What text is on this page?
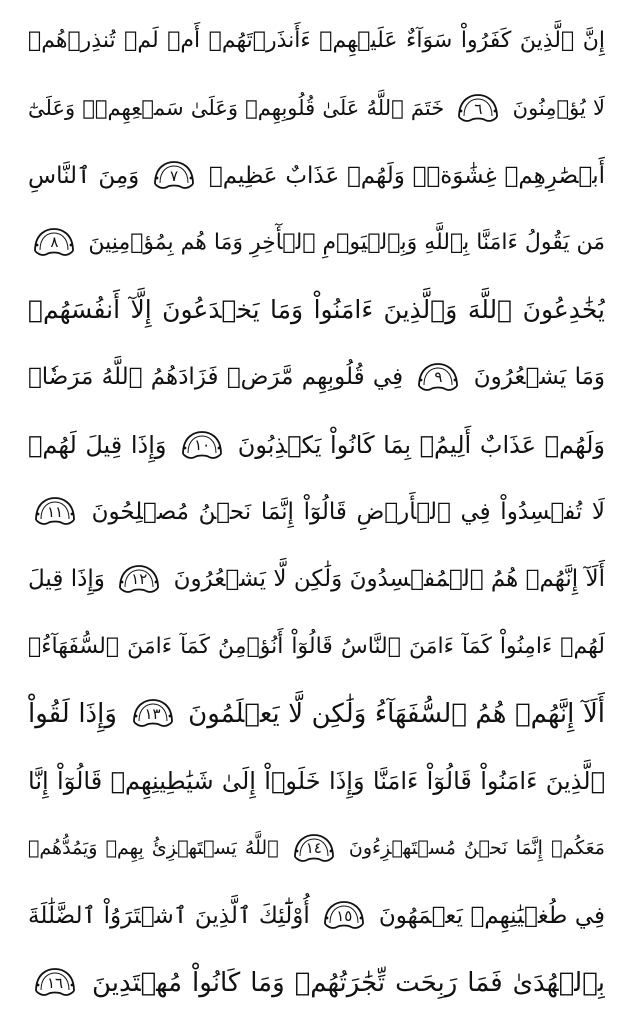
إِنَّ ٱلَّذِينَ كَفَرُواْ سَوَآءٌ عَلَيۡهِمۡ ءَأَنذَرۡتَهُمۡ أَمۡ لَمۡ تُنذِرۡهُمۡ
لَا يُؤۡمِنُونَ
٦
خَتَمَ ٱللَّهُ عَلَىٰ قُلُوبِهِمۡ وَعَلَىٰ سَمۡعِهِمۡۖ وَعَلَىٰٓ
أَبۡصَٰرِهِمۡ غِشَٰوَةٞۖ وَلَهُمۡ عَذَابٌ عَظِيمٞ
٧
وَمِنَ ٱلنَّاسِ
مَن يَقُولُ ءَامَنَّا بِٱللَّهِ وَبِٱلۡيَوۡمِ ٱلۡأٓخِرِ وَمَا هُم بِمُؤۡمِنِينَ
٨
يُخَٰدِعُونَ ٱللَّهَ وَٱلَّذِينَ ءَامَنُواْ وَمَا يَخۡدَعُونَ إِلَّآ أَنفُسَهُمۡ
وَمَا يَشۡعُرُونَ
٩
فِي قُلُوبِهِم مَّرَضٞ فَزَادَهُمُ ٱللَّهُ مَرَضٗاۖ
وَلَهُمۡ عَذَابٌ أَلِيمُۢ بِمَا كَانُواْ يَكۡذِبُونَ
١٠
وَإِذَا قِيلَ لَهُمۡ
لَا تُفۡسِدُواْ فِي ٱلۡأَرۡضِ قَالُوٓاْ إِنَّمَا نَحۡنُ مُصۡلِحُونَ
١١
أَلَآ إِنَّهُمۡ هُمُ ٱلۡمُفۡسِدُونَ وَلَٰكِن لَّا يَشۡعُرُونَ
١٢
وَإِذَا قِيلَ
لَهُمۡ ءَامِنُواْ كَمَآ ءَامَنَ ٱلنَّاسُ قَالُوٓاْ أَنُؤۡمِنُ كَمَآ ءَامَنَ ٱلسُّفَهَآءُۗ
أَلَآ إِنَّهُمۡ هُمُ ٱلسُّفَهَآءُ وَلَٰكِن لَّا يَعۡلَمُونَ
١٣
وَإِذَا لَقُواْ
ٱلَّذِينَ ءَامَنُواْ قَالُوٓاْ ءَامَنَّا وَإِذَا خَلَوۡاْ إِلَىٰ شَيَٰطِينِهِمۡ قَالُوٓاْ إِنَّا
مَعَكُمۡ إِنَّمَا نَحۡنُ مُسۡتَهۡزِءُونَ
١٤
ٱللَّهُ يَسۡتَهۡزِئُ بِهِمۡ وَيَمُدُّهُمۡ
فِي طُغۡيَٰنِهِمۡ يَعۡمَهُونَ
١٥
أُوْلَٰٓئِكَ ٱلَّذِينَ ٱشۡتَرَوُاْ ٱلضَّلَٰلَةَ
بِٱلۡهُدَىٰ فَمَا رَبِحَت تِّجَٰرَتُهُمۡ وَمَا كَانُواْ مُهۡتَدِينَ
١٦
